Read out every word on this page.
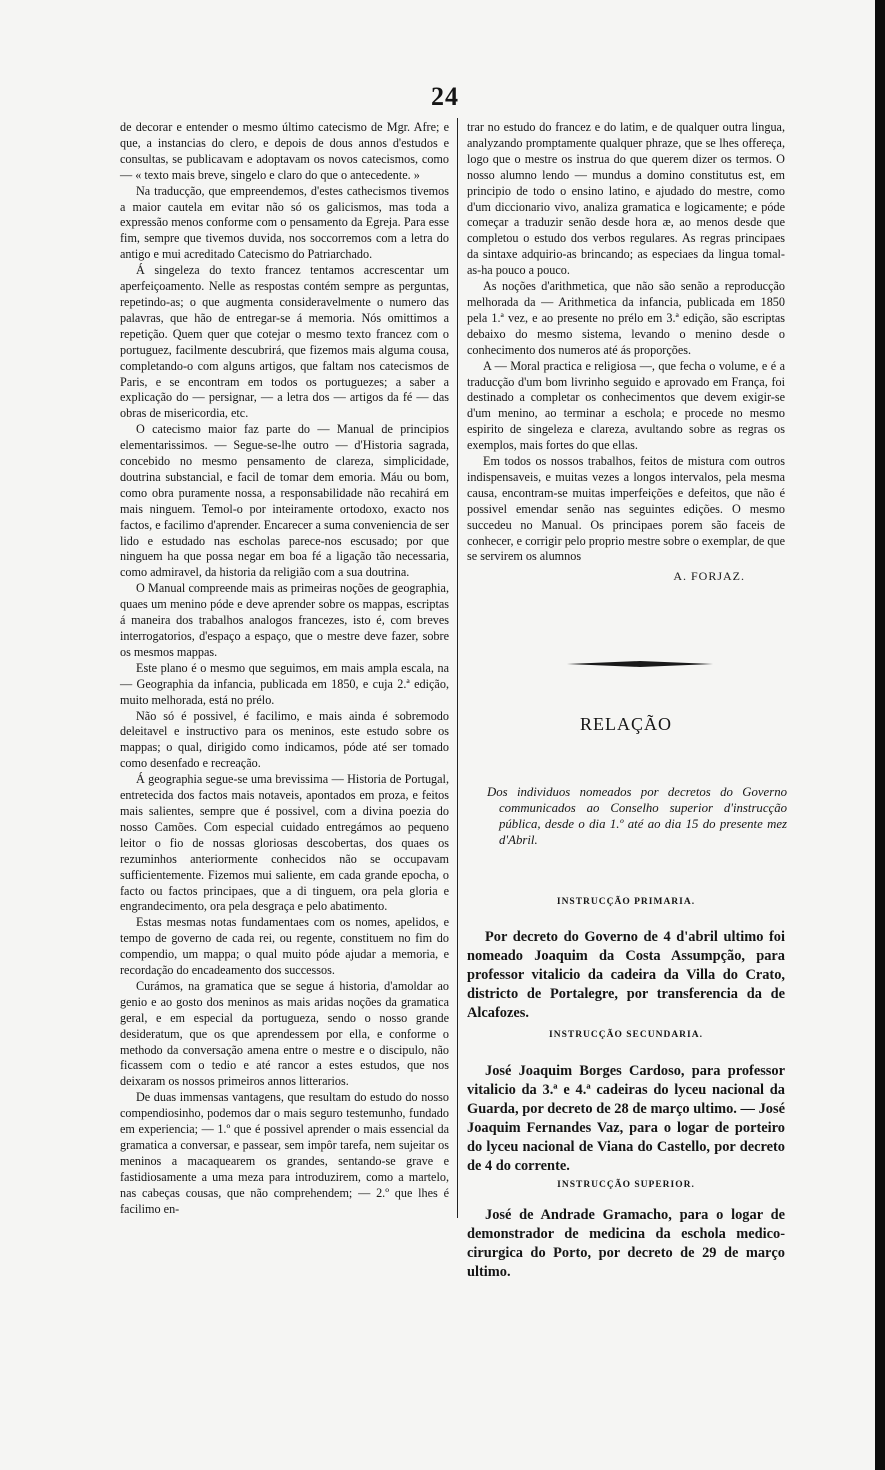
24

de decorar e entender o mesmo último catecismo de Mgr. Afre; e que, a instancias do clero, e depois de dous annos d'estudos e consultas, se publicavam e adoptavam os novos catecismos, como — « texto mais breve, singelo e claro do que o antecedente. »

Na traducção, que empreendemos, d'estes cathecismos tivemos a maior cautela em evitar não só os galicismos, mas toda a expressão menos conforme com o pensamento da Egreja. Para esse fim, sempre que tivemos duvida, nos soccorremos com a letra do antigo e mui acreditado Catecismo do Patriarchado.

Á singeleza do texto francez tentamos accrescentar um aperfeiçoamento. Nelle as respostas contém sempre as perguntas, repetindo-as; o que augmenta consideravelmente o numero das palavras, que hão de entregar-se á memoria. Nós omittimos a repetição. Quem quer que cotejar o mesmo texto francez com o portuguez, facilmente descubrirá, que fizemos mais alguma cousa, completando-o com alguns artigos, que faltam nos catecismos de Paris, e se encontram em todos os portuguezes; a saber a explicação do — persignar, — a letra dos — artigos da fé — das obras de misericordia, etc.

O catecismo maior faz parte do — Manual de principios elementarissimos. — Segue-se-lhe outro — d'Historia sagrada, concebido no mesmo pensamento de clareza, simplicidade, doutrina substancial, e facil de tomar dem emoria. Máu ou bom, como obra puramente nossa, a responsabilidade não recahirá em mais ninguem. Temol-o por inteiramente ortodoxo, exacto nos factos, e facilimo d'aprender. Encarecer a suma conveniencia de ser lido e estudado nas escholas parece-nos escusado; por que ninguem ha que possa negar em boa fé a ligação tão necessaria, como admiravel, da historia da religião com a sua doutrina.

O Manual compreende mais as primeiras noções de geographia, quaes um menino póde e deve aprender sobre os mappas, escriptas á maneira dos trabalhos analogos francezes, isto é, com breves interrogatorios, d'espaço a espaço, que o mestre deve fazer, sobre os mesmos mappas.

Este plano é o mesmo que seguimos, em mais ampla escala, na — Geographia da infancia, publicada em 1850, e cuja 2.ª edição, muito melhorada, está no prélo.

Não só é possivel, é facilimo, e mais ainda é sobremodo deleitavel e instructivo para os meninos, este estudo sobre os mappas; o qual, dirigido como indicamos, póde até ser tomado como desenfado e recreação.

Á geographia segue-se uma brevissima — Historia de Portugal, entretecida dos factos mais notaveis, apontados em proza, e feitos mais salientes, sempre que é possivel, com a divina poezia do nosso Camões. Com especial cuidado entregámos ao pequeno leitor o fio de nossas gloriosas descobertas, dos quaes os rezuminhos anteriormente conhecidos não se occupavam sufficientemente. Fizemos mui saliente, em cada grande epocha, o facto ou factos principaes, que a di tinguem, ora pela gloria e engrandecimento, ora pela desgraça e pelo abatimento.

Estas mesmas notas fundamentaes com os nomes, apelidos, e tempo de governo de cada rei, ou regente, constituem no fim do compendio, um mappa; o qual muito póde ajudar a memoria, e recordação do encadeamento dos successos.

Curámos, na gramatica que se segue á historia, d'amoldar ao genio e ao gosto dos meninos as mais aridas noções da gramatica geral, e em especial da portugueza, sendo o nosso grande desideratum, que os que aprendessem por ella, e conforme o methodo da conversação amena entre o mestre e o discipulo, não ficassem com o tedio e até rancor a estes estudos, que nos deixaram os nossos primeiros annos litterarios.

De duas immensas vantagens, que resultam do estudo do nosso compendiosinho, podemos dar o mais seguro testemunho, fundado em experiencia; — 1.º que é possivel aprender o mais essencial da gramatica a conversar, e passear, sem impôr tarefa, nem sujeitar os meninos a macaquearem os grandes, sentando-se grave e fastidiosamente a uma meza para introduzirem, como a martelo, nas cabeças cousas, que não comprehendem; — 2.º que lhes é facilimo en-

trar no estudo do francez e do latim, e de qualquer outra lingua, analyzando promptamente qualquer phraze, que se lhes offereça, logo que o mestre os instrua do que querem dizer os termos. O nosso alumno lendo — mundus a domino constitutus est, em principio de todo o ensino latino, e ajudado do mestre, como d'um diccionario vivo, analiza gramatica e logicamente; e póde começar a traduzir senão desde hora æ, ao menos desde que completou o estudo dos verbos regulares. As regras principaes da sintaxe adquirio-as brincando; as especiaes da lingua tomal-as-ha pouco a pouco.

As noções d'arithmetica, que não são senão a reproducção melhorada da — Arithmetica da infancia, publicada em 1850 pela 1.ª vez, e ao presente no prélo em 3.ª edição, são escriptas debaixo do mesmo sistema, levando o menino desde o conhecimento dos numeros até ás proporções.

A — Moral practica e religiosa —, que fecha o volume, e é a traducção d'um bom livrinho seguido e aprovado em França, foi destinado a completar os conhecimentos que devem exigir-se d'um menino, ao terminar a eschola; e procede no mesmo espirito de singeleza e clareza, avultando sobre as regras os exemplos, mais fortes do que ellas.

Em todos os nossos trabalhos, feitos de mistura com outros indispensaveis, e muitas vezes a longos intervalos, pela mesma causa, encontram-se muitas imperfeições e defeitos, que não é possivel emendar senão nas seguintes edições. O mesmo succedeu no Manual. Os principaes porem são faceis de conhecer, e corrigir pelo proprio mestre sobre o exemplar, de que se servirem os alumnos

A. FORJAZ.
RELAÇÃO

Dos individuos nomeados por decretos do Governo communicados ao Conselho superior d'instrucção pública, desde o dia 1.º até ao dia 15 do presente mez d'Abril.

INSTRUCÇÃO PRIMARIA.

Por decreto do Governo de 4 d'abril ultimo foi nomeado Joaquim da Costa Assumpção, para professor vitalicio da cadeira da Villa do Crato, districto de Portalegre, por transferencia da de Alcafozes.

INSTRUCÇÃO SECUNDARIA.

José Joaquim Borges Cardoso, para professor vitalicio da 3.ª e 4.ª cadeiras do lyceu nacional da Guarda, por decreto de 28 de março ultimo. — José Joaquim Fernandes Vaz, para o logar de porteiro do lyceu nacional de Viana do Castello, por decreto de 4 do corrente.

INSTRUCÇÃO SUPERIOR.

José de Andrade Gramacho, para o logar de demonstrador de medicina da eschola medico-cirurgica do Porto, por decreto de 29 de março ultimo.
